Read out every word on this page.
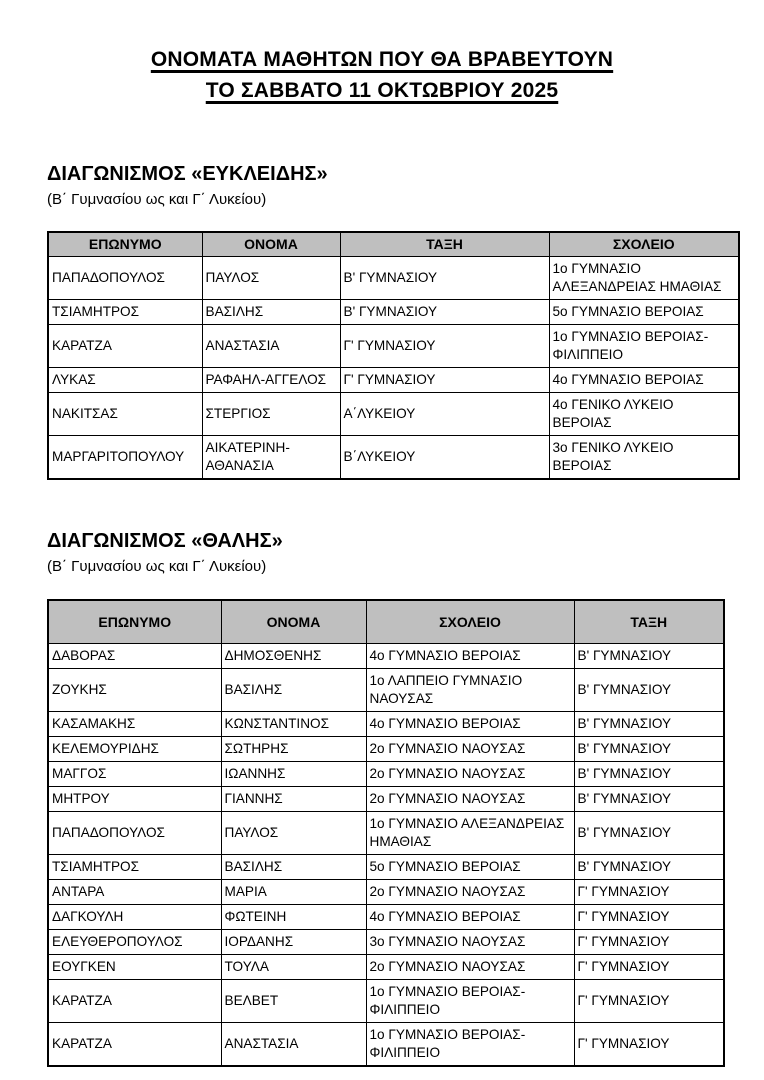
ΟΝΟΜΑΤΑ ΜΑΘΗΤΩΝ ΠΟΥ ΘΑ ΒΡΑΒΕΥΤΟΥΝ
ΤΟ ΣΑΒΒΑΤΟ 11 ΟΚΤΩΒΡΙΟΥ 2025
ΔΙΑΓΩΝΙΣΜΟΣ «ΕΥΚΛΕΙΔΗΣ»
(Β΄ Γυμνασίου ως και Γ΄ Λυκείου)
ΕΠΩΝΥΜΟ	ΟΝΟΜΑ	ΤΑΞΗ	ΣΧΟΛΕΙΟ
ΠΑΠΑΔΟΠΟΥΛΟΣ	ΠΑΥΛΟΣ	Β' ΓΥΜΝΑΣΙΟΥ	1ο ΓΥΜΝΑΣΙΟ ΑΛΕΞΑΝΔΡΕΙΑΣ ΗΜΑΘΙΑΣ
ΤΣΙΑΜΗΤΡΟΣ	ΒΑΣΙΛΗΣ	Β' ΓΥΜΝΑΣΙΟΥ	5ο ΓΥΜΝΑΣΙΟ ΒΕΡΟΙΑΣ
ΚΑΡΑΤΖΑ	ΑΝΑΣΤΑΣΙΑ	Γ' ΓΥΜΝΑΣΙΟΥ	1ο ΓΥΜΝΑΣΙΟ ΒΕΡΟΙΑΣ-ΦΙΛΙΠΠΕΙΟ
ΛΥΚΑΣ	ΡΑΦΑΗΛ-ΑΓΓΕΛΟΣ	Γ' ΓΥΜΝΑΣΙΟΥ	4ο ΓΥΜΝΑΣΙΟ ΒΕΡΟΙΑΣ
ΝΑΚΙΤΣΑΣ	ΣΤΕΡΓΙΟΣ	Α΄ΛΥΚΕΙΟΥ	4ο ΓΕΝΙΚΟ ΛΥΚΕΙΟ ΒΕΡΟΙΑΣ
ΜΑΡΓΑΡΙΤΟΠΟΥΛΟΥ	ΑΙΚΑΤΕΡΙΝΗ-ΑΘΑΝΑΣΙΑ	Β΄ΛΥΚΕΙΟΥ	3ο ΓΕΝΙΚΟ ΛΥΚΕΙΟ ΒΕΡΟΙΑΣ
ΔΙΑΓΩΝΙΣΜΟΣ «ΘΑΛΗΣ»
(Β΄ Γυμνασίου ως και Γ΄ Λυκείου)
ΕΠΩΝΥΜΟ	ΟΝΟΜΑ	ΣΧΟΛΕΙΟ	ΤΑΞΗ
ΔΑΒΟΡΑΣ	ΔΗΜΟΣΘΕΝΗΣ	4ο ΓΥΜΝΑΣΙΟ ΒΕΡΟΙΑΣ	Β' ΓΥΜΝΑΣΙΟΥ
ΖΟΥΚΗΣ	ΒΑΣΙΛΗΣ	1ο ΛΑΠΠΕΙΟ ΓΥΜΝΑΣΙΟ ΝΑΟΥΣΑΣ	Β' ΓΥΜΝΑΣΙΟΥ
ΚΑΣΑΜΑΚΗΣ	ΚΩΝΣΤΑΝΤΙΝΟΣ	4ο ΓΥΜΝΑΣΙΟ ΒΕΡΟΙΑΣ	Β' ΓΥΜΝΑΣΙΟΥ
ΚΕΛΕΜΟΥΡΙΔΗΣ	ΣΩΤΗΡΗΣ	2ο ΓΥΜΝΑΣΙΟ ΝΑΟΥΣΑΣ	Β' ΓΥΜΝΑΣΙΟΥ
ΜΑΓΓΟΣ	ΙΩΑΝΝΗΣ	2ο ΓΥΜΝΑΣΙΟ ΝΑΟΥΣΑΣ	Β' ΓΥΜΝΑΣΙΟΥ
ΜΗΤΡΟΥ	ΓΙΑΝΝΗΣ	2ο ΓΥΜΝΑΣΙΟ ΝΑΟΥΣΑΣ	Β' ΓΥΜΝΑΣΙΟΥ
ΠΑΠΑΔΟΠΟΥΛΟΣ	ΠΑΥΛΟΣ	1ο ΓΥΜΝΑΣΙΟ ΑΛΕΞΑΝΔΡΕΙΑΣ ΗΜΑΘΙΑΣ	Β' ΓΥΜΝΑΣΙΟΥ
ΤΣΙΑΜΗΤΡΟΣ	ΒΑΣΙΛΗΣ	5ο ΓΥΜΝΑΣΙΟ ΒΕΡΟΙΑΣ	Β' ΓΥΜΝΑΣΙΟΥ
ΑΝΤΑΡΑ	ΜΑΡΙΑ	2ο ΓΥΜΝΑΣΙΟ ΝΑΟΥΣΑΣ	Γ' ΓΥΜΝΑΣΙΟΥ
ΔΑΓΚΟΥΛΗ	ΦΩΤΕΙΝΗ	4ο ΓΥΜΝΑΣΙΟ ΒΕΡΟΙΑΣ	Γ' ΓΥΜΝΑΣΙΟΥ
ΕΛΕΥΘΕΡΟΠΟΥΛΟΣ	ΙΟΡΔΑΝΗΣ	3ο ΓΥΜΝΑΣΙΟ ΝΑΟΥΣΑΣ	Γ' ΓΥΜΝΑΣΙΟΥ
ΕΟΥΓΚΕΝ	ΤΟΥΛΑ	2ο ΓΥΜΝΑΣΙΟ ΝΑΟΥΣΑΣ	Γ' ΓΥΜΝΑΣΙΟΥ
ΚΑΡΑΤΖΑ	ΒΕΛΒΕΤ	1ο ΓΥΜΝΑΣΙΟ ΒΕΡΟΙΑΣ-ΦΙΛΙΠΠΕΙΟ	Γ' ΓΥΜΝΑΣΙΟΥ
ΚΑΡΑΤΖΑ	ΑΝΑΣΤΑΣΙΑ	1ο ΓΥΜΝΑΣΙΟ ΒΕΡΟΙΑΣ-ΦΙΛΙΠΠΕΙΟ	Γ' ΓΥΜΝΑΣΙΟΥ
